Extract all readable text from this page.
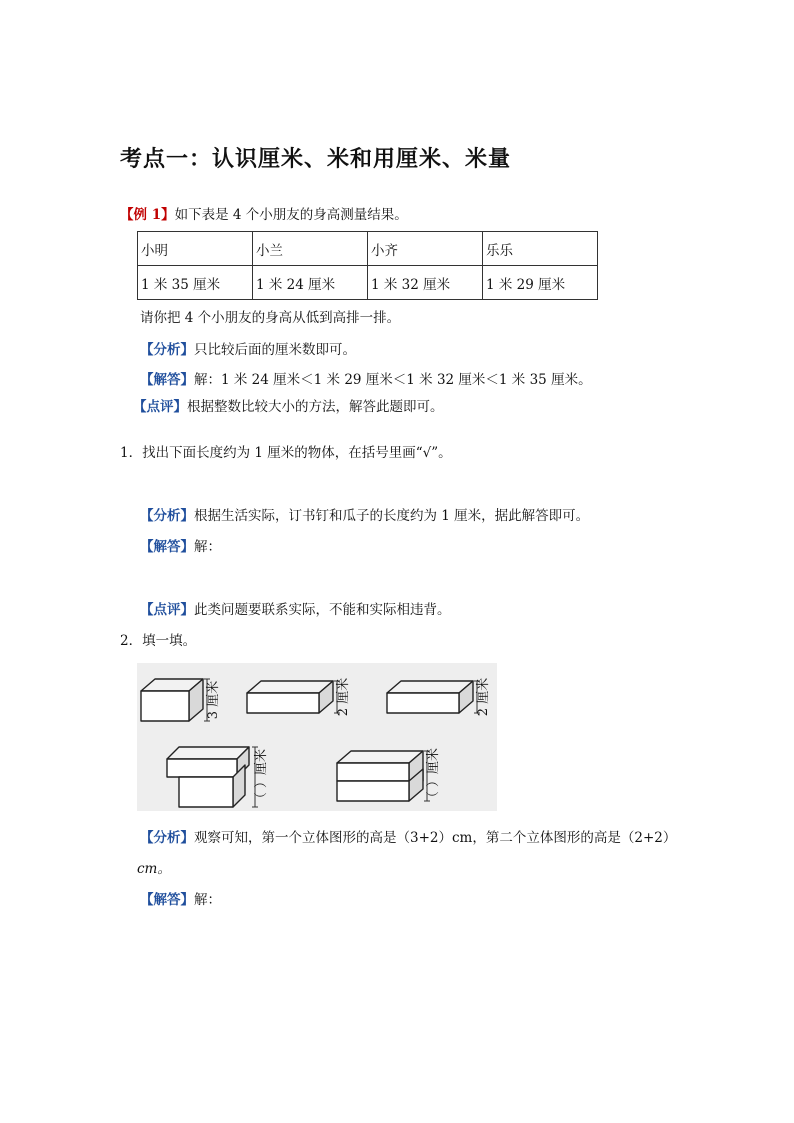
考点一：认识厘米、米和用厘米、米量
【例 1】如下表是 4 个小朋友的身高测量结果。
小明	小兰	小齐	乐乐
1 米 35 厘米	1 米 24 厘米	1 米 32 厘米	1 米 29 厘米
请你把 4 个小朋友的身高从低到高排一排。
【分析】只比较后面的厘米数即可。
【解答】解：1 米 24 厘米＜1 米 29 厘米＜1 米 32 厘米＜1 米 35 厘米。
【点评】根据整数比较大小的方法，解答此题即可。
1．找出下面长度约为 1 厘米的物体，在括号里画“√”。
【分析】根据生活实际，订书钉和瓜子的长度约为 1 厘米，据此解答即可。
【解答】解：
【点评】此类问题要联系实际，不能和实际相违背。
2．填一填。
3 厘米	2 厘米	2 厘米
（ ）厘米	（ ）厘米
【分析】观察可知，第一个立体图形的高是（3+2）cm，第二个立体图形的高是（2+2）
cm。
【解答】解：
